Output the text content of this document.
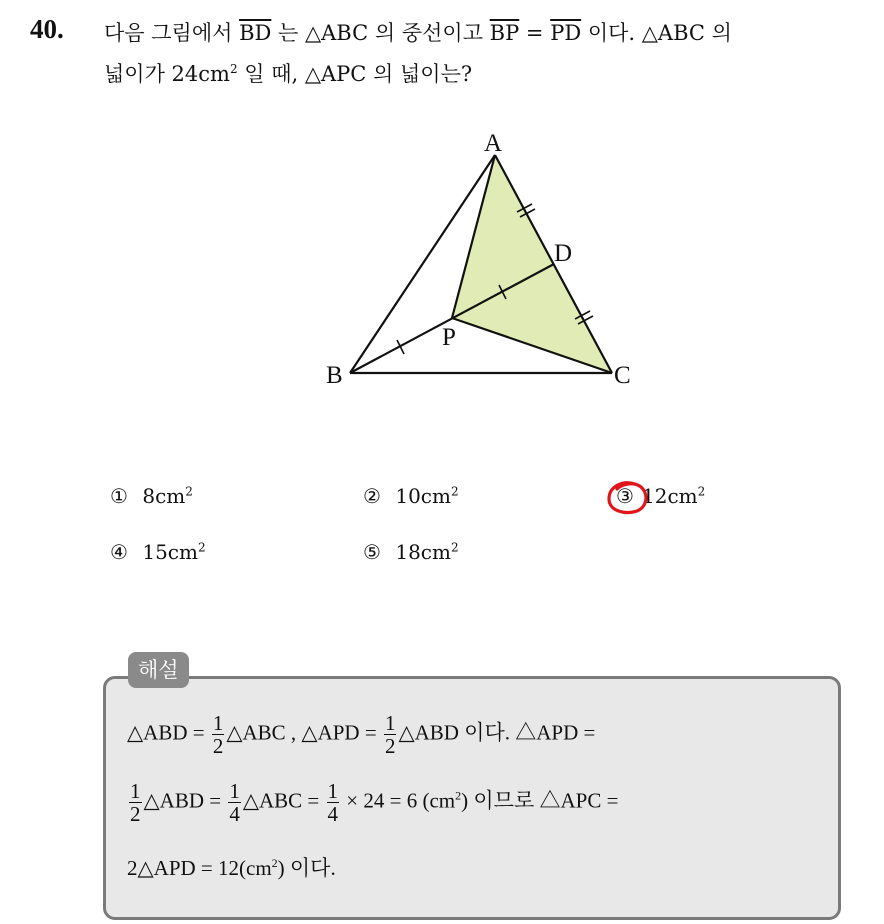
40. 다음 그림에서 $\overline{BD}$ 는 △ABC 의 중선이고 $\overline{BP} = \overline{PD}$ 이다. △ABC 의
넓이가 $24cm^2$ 일 때, △APC 의 넓이는?
A
B	C
D
P
① $8cm^2$	② $10cm^2$	③ $12cm^2$
④ $15cm^2$	⑤ $18cm^2$
해설
△ABD = $\frac{1}{2}$ △ABC , △APD = $\frac{1}{2}$ △ABD 이다. △APD =
$\frac{1}{2}$ △ABD = $\frac{1}{4}$ △ABC = $\frac{1}{4} \times 24 = 6$ $(cm^2)$ 이므로 △APC =
2△APD = $12(cm^2)$ 이다.
